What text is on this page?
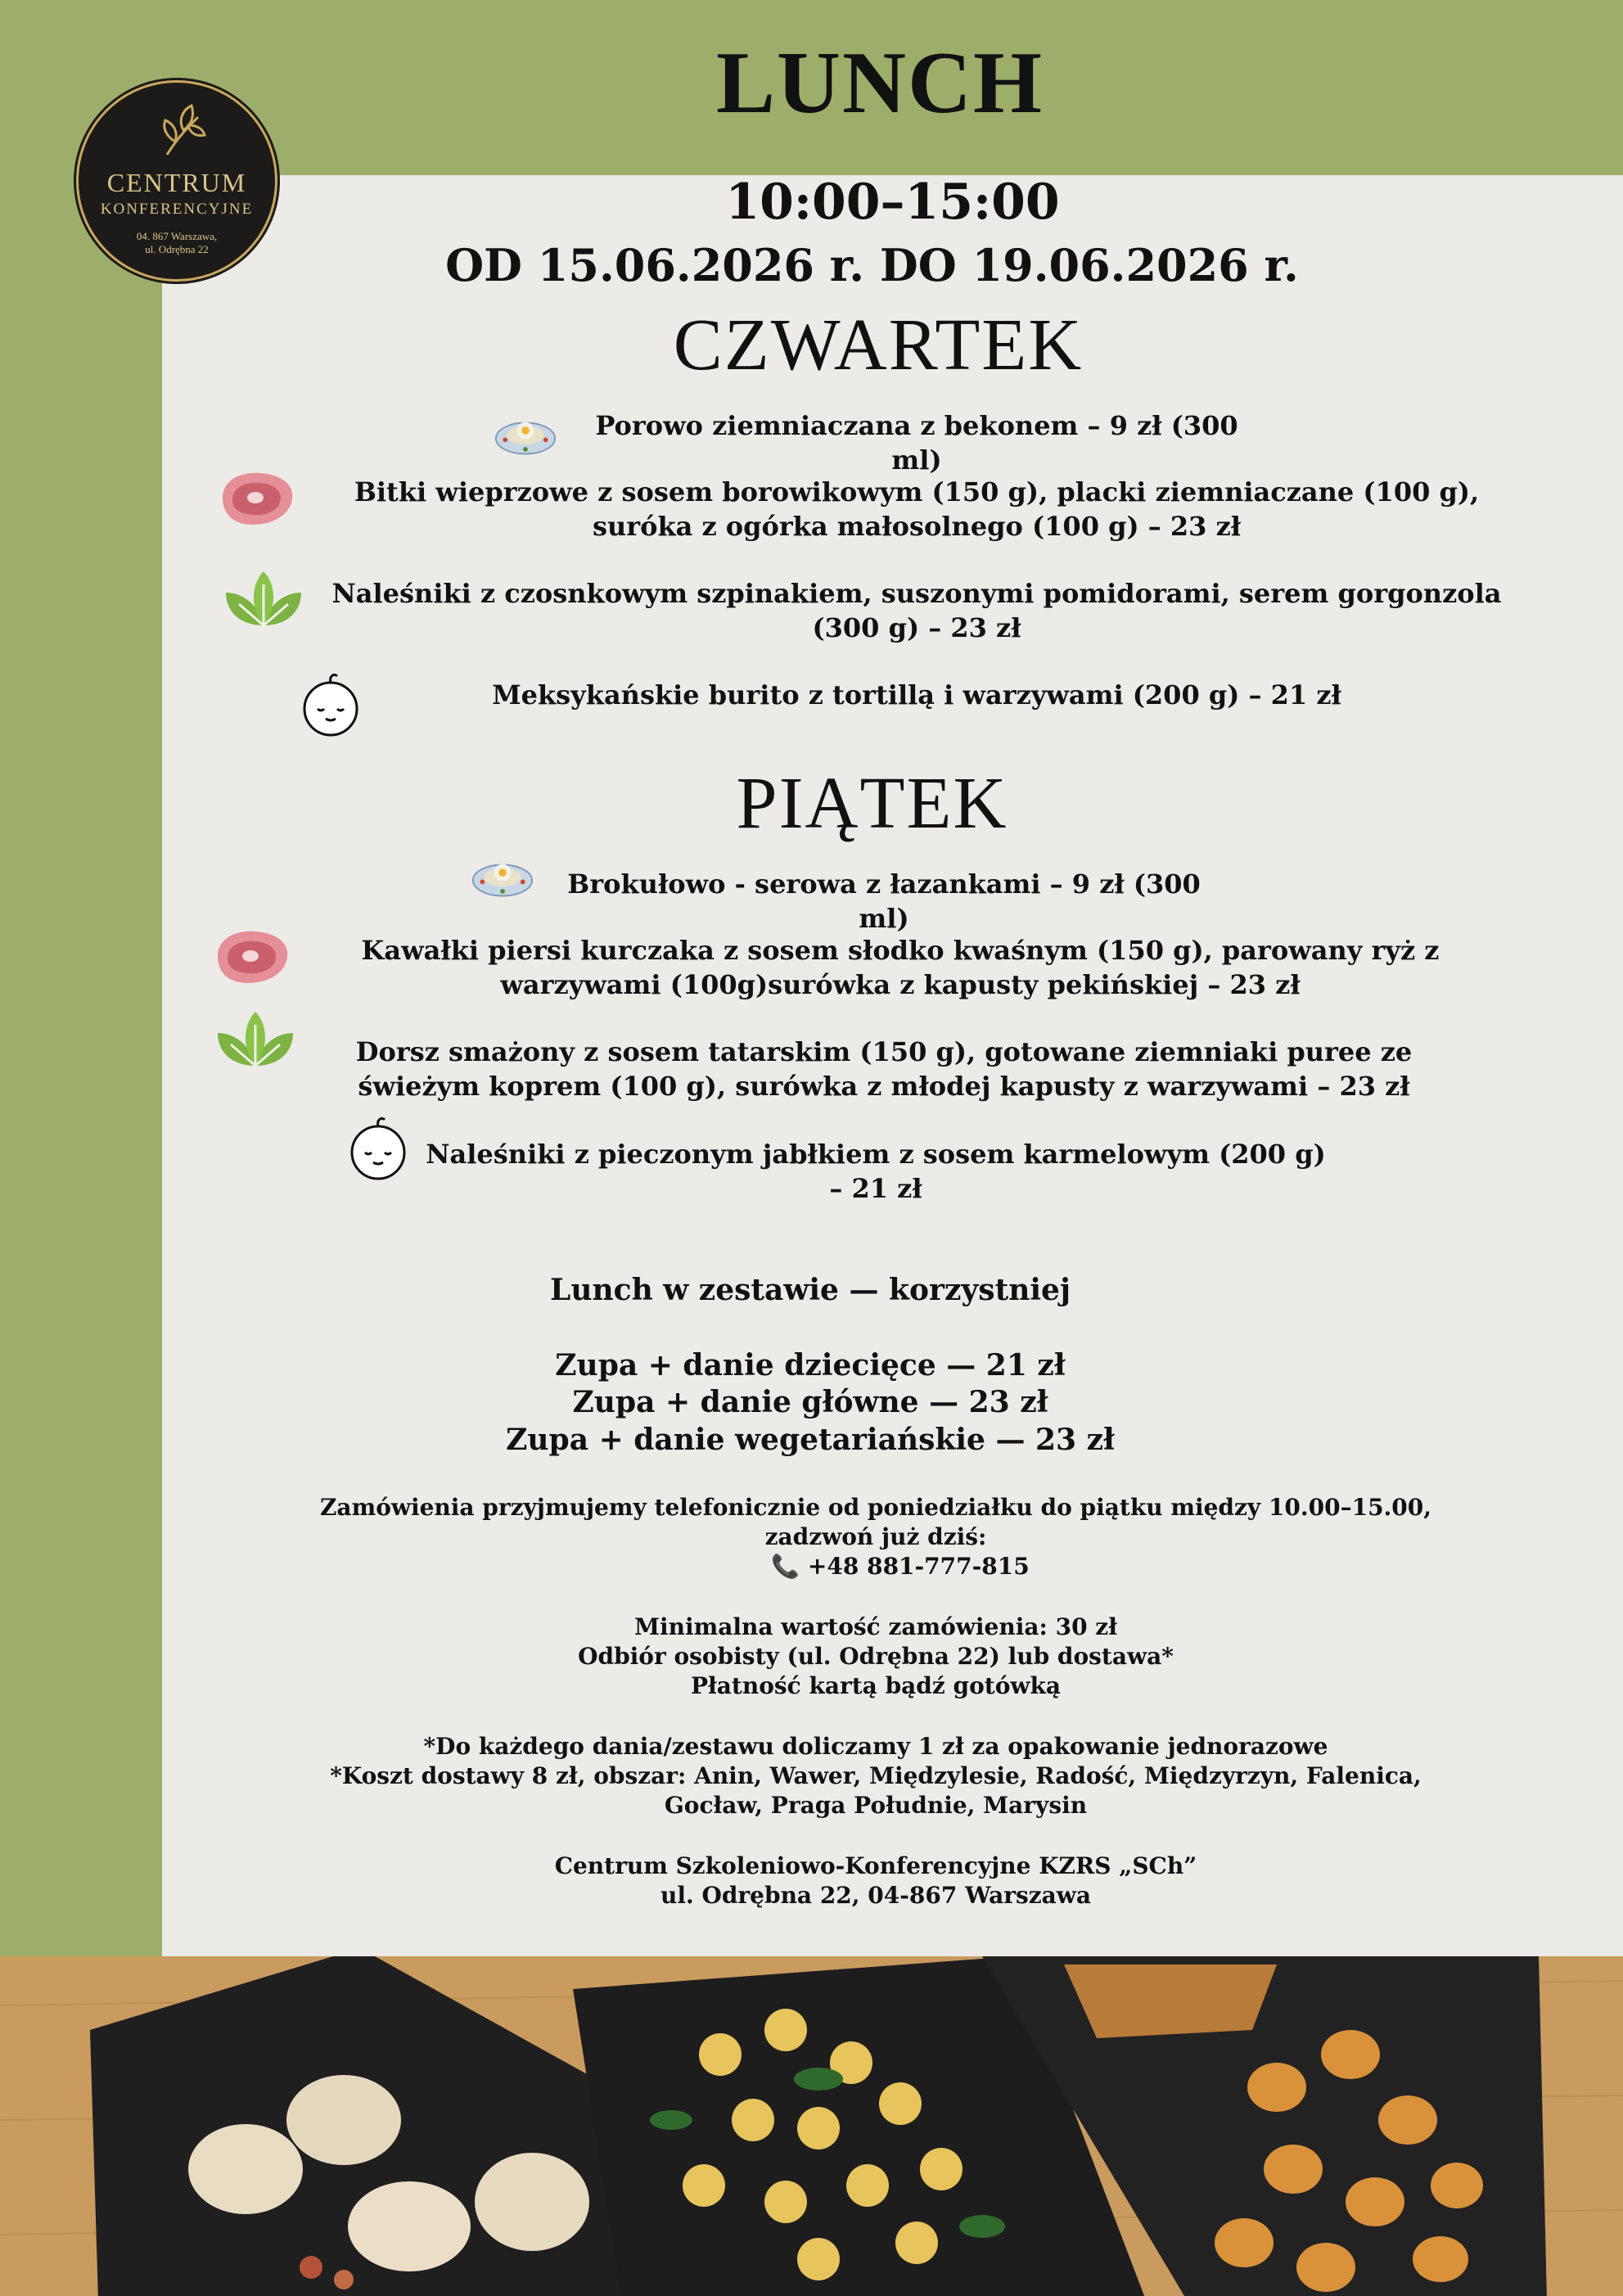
LUNCH
CENTRUM
KONFERENCYJNE
04. 867 Warszawa,
ul. Odrębna 22
10:00–15:00
OD 15.06.2026 r. DO 19.06.2026 r.
CZWARTEK
Porowo ziemniaczana z bekonem – 9 zł (300 ml)
Bitki wieprzowe z sosem borowikowym (150 g), placki ziemniaczane (100 g), suróka z ogórka małosolnego (100 g) – 23 zł
Naleśniki z czosnkowym szpinakiem, suszonymi pomidorami, serem gorgonzola (300 g) – 23 zł
Meksykańskie burito z tortillą i warzywami (200 g) – 21 zł
PIĄTEK
Brokułowo - serowa z łazankami – 9 zł (300 ml)
Kawałki piersi kurczaka z sosem słodko kwaśnym (150 g), parowany ryż z warzywami (100g)surówka z kapusty pekińskiej – 23 zł
Dorsz smażony z sosem tatarskim (150 g), gotowane ziemniaki puree ze świeżym koprem (100 g), surówka z młodej kapusty z warzywami – 23 zł
Naleśniki z pieczonym jabłkiem z sosem karmelowym (200 g) – 21 zł
Lunch w zestawie — korzystniej
Zupa + danie dziecięce — 21 zł
Zupa + danie główne — 23 zł
Zupa + danie wegetariańskie — 23 zł
Zamówienia przyjmujemy telefonicznie od poniedziałku do piątku między 10.00–15.00, zadzwoń już dziś:
📞 +48 881-777-815
Minimalna wartość zamówienia: 30 zł
Odbiór osobisty (ul. Odrębna 22) lub dostawa*
Płatność kartą bądź gotówką
*Do każdego dania/zestawu doliczamy 1 zł za opakowanie jednorazowe
*Koszt dostawy 8 zł, obszar: Anin, Wawer, Międzylesie, Radość, Międzyrzyn, Falenica, Gocław, Praga Południe, Marysin
Centrum Szkoleniowo-Konferencyjne KZRS „SCh”
ul. Odrębna 22, 04-867 Warszawa
